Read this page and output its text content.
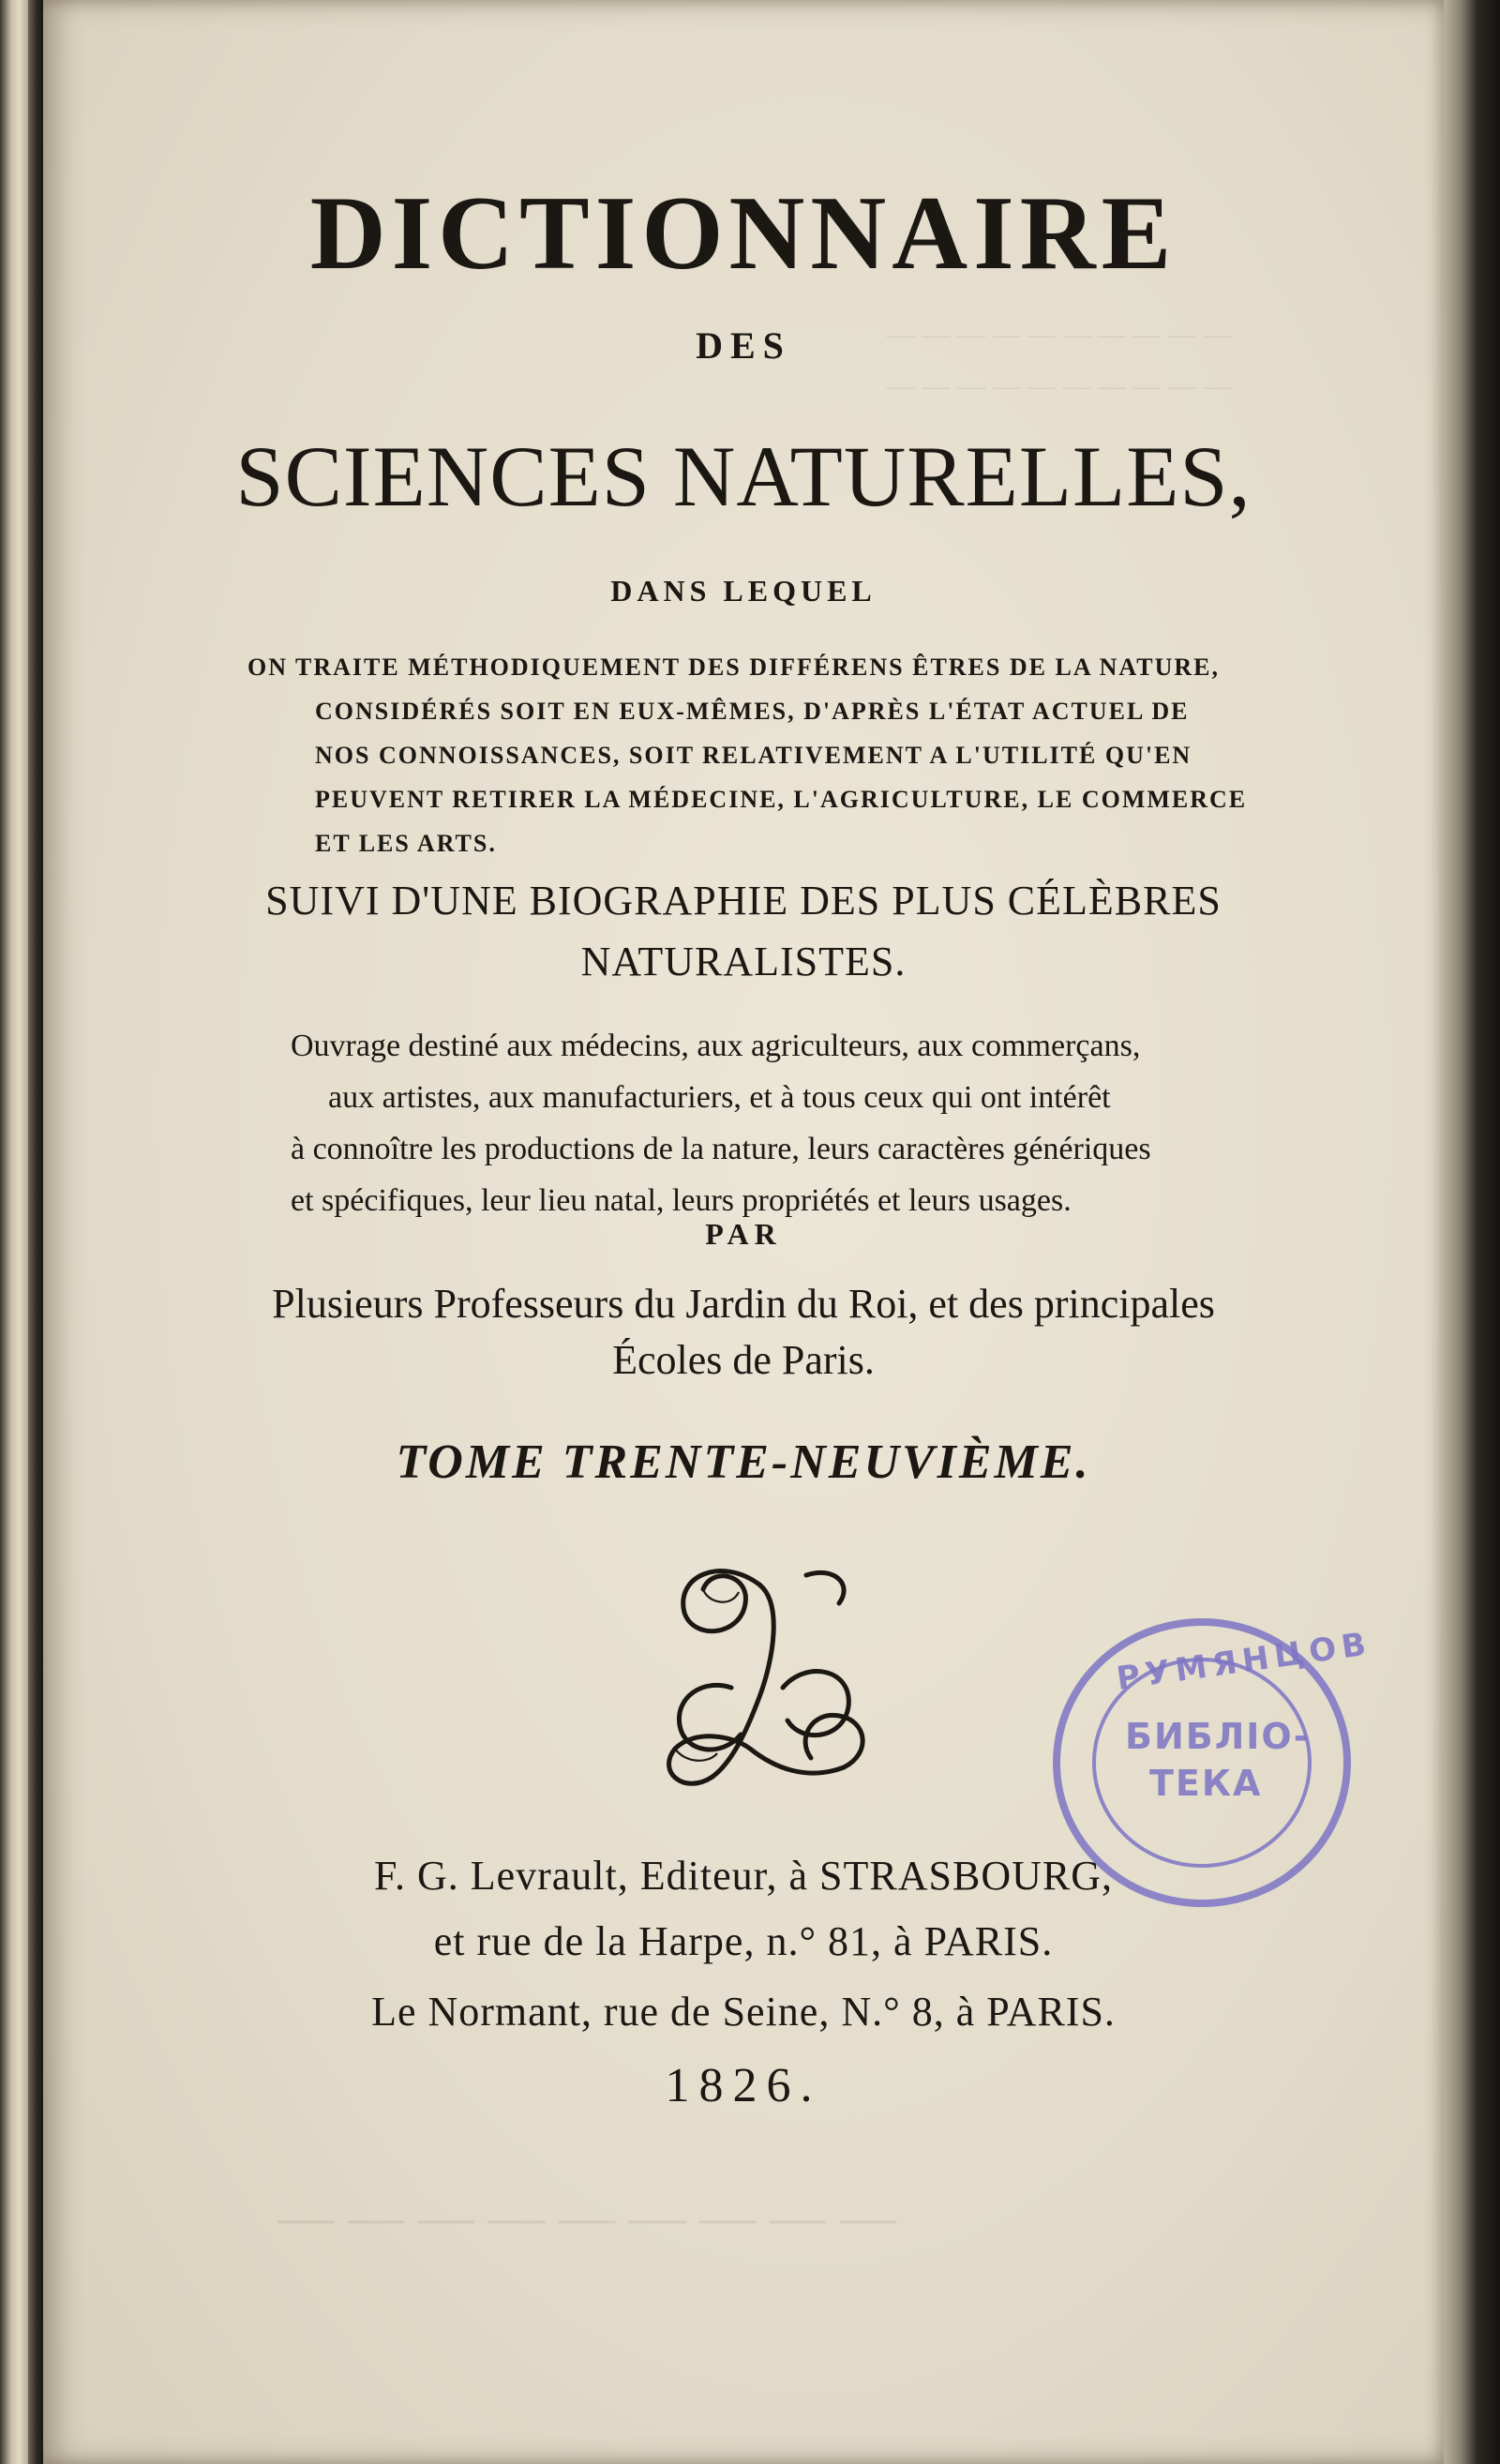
— — — — — — — — — —
— — — — — — — — — —
— — — — — — — — —
DICTIONNAIRE
DES
SCIENCES NATURELLES,
DANS LEQUEL
ON TRAITE MÉTHODIQUEMENT DES DIFFÉRENS ÊTRES DE LA NATURE,
CONSIDÉRÉS SOIT EN EUX-MÊMES, D'APRÈS L'ÉTAT ACTUEL DE
NOS CONNOISSANCES, SOIT RELATIVEMENT A L'UTILITÉ QU'EN
PEUVENT RETIRER LA MÉDECINE, L'AGRICULTURE, LE COMMERCE
ET LES ARTS.
SUIVI D'UNE BIOGRAPHIE DES PLUS CÉLÈBRES
NATURALISTES.
Ouvrage destiné aux médecins, aux agriculteurs, aux commerçans,
aux artistes, aux manufacturiers, et à tous ceux qui ont intérêt
à connoître les productions de la nature, leurs caractères génériques
et spécifiques, leur lieu natal, leurs propriétés et leurs usages.
PAR
Plusieurs Professeurs du Jardin du Roi, et des principales
Écoles de Paris.
TOME TRENTE-NEUVIÈME.
F. G. Levrault, Editeur, à STRASBOURG,
et rue de la Harpe, n.° 81, à PARIS.
Le Normant, rue de Seine, N.° 8, à PARIS.
1826.
РУМЯНЦОВ
БИБЛIО-
ТЕКА
